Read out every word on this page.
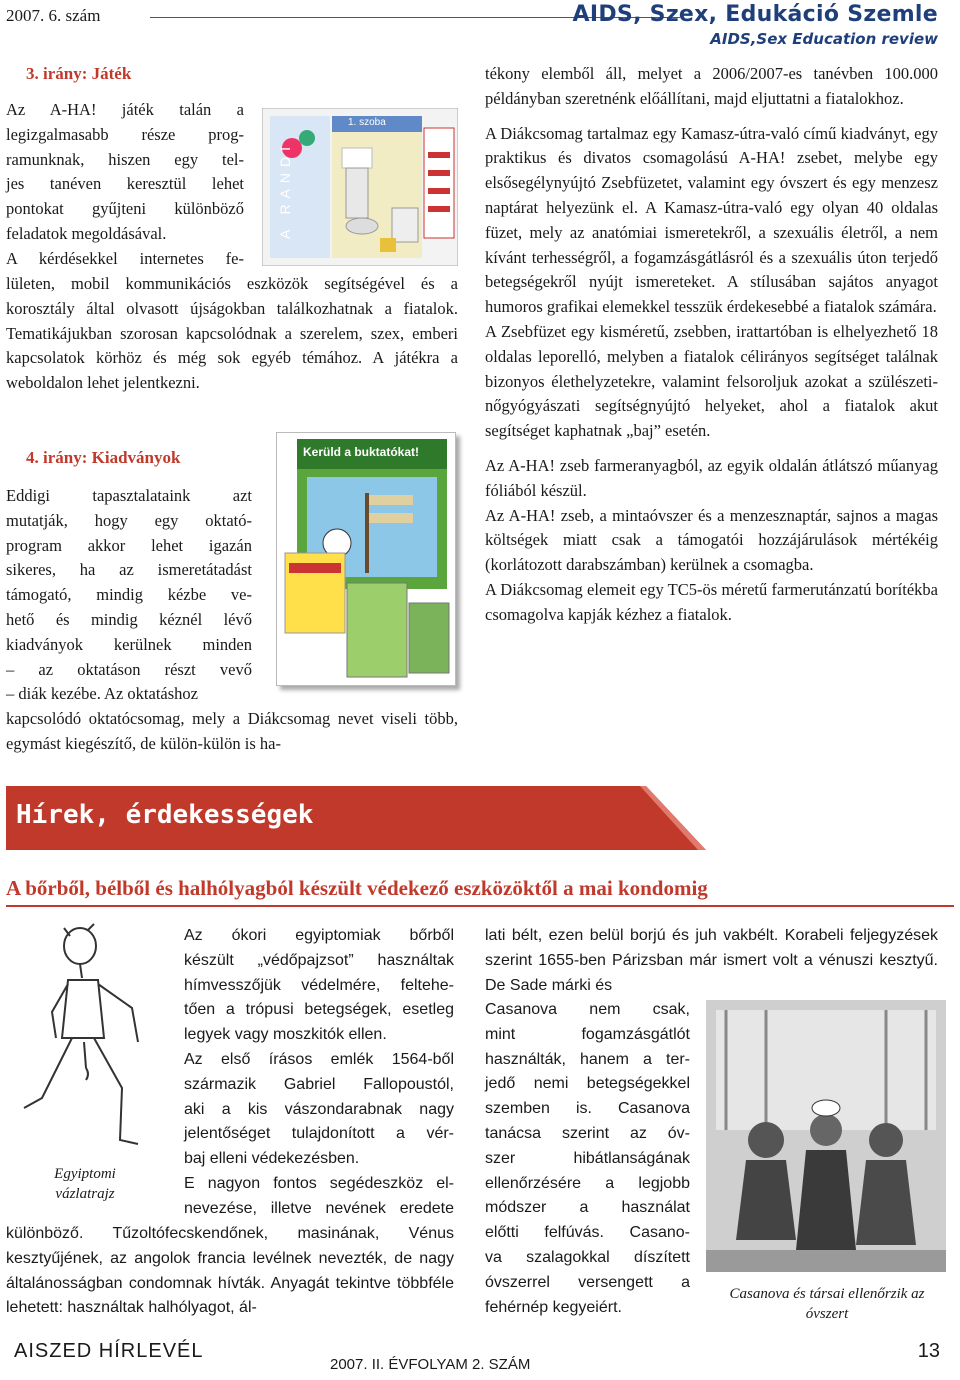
2007. 6. szám	AIDS, Szex, Edukáció Szemle
AIDS,Sex Education review
3. irány: Játék

Az A-HA! játék talán a

legizgalmasabb része prog-

ramunknak, hiszen egy tel-

jes tanéven keresztül lehet

pontokat gyűjteni különböző

feladatok megoldásával.

A kérdésekkel internetes fe-

1. szoba
A RANDI

lületen, mobil kommunikációs eszközök segítségével és a korosztály által olvasott újságokban találkozhatnak a fiatalok. Tematikájukban szorosan kapcsolódnak a szerelem, szex, emberi kapcsolatok körhöz és még sok egyéb témához. A játékra a weboldalon lehet jelentkezni.

4. irány: Kiadványok

Eddigi tapasztalataink azt

mutatják, hogy egy oktató-

program akkor lehet igazán

sikeres, ha az ismeretátadást

támogató, mindig kézbe ve-

hető és mindig kéznél lévő

kiadványok kerülnek minden

– az oktatáson részt vevő

– diák kezébe. Az oktatáshoz

Kerüld a buktatókat!

kapcsolódó oktatócsomag, mely a Diákcsomag nevet viseli több, egymást kiegészítő, de külön-külön is ha-

tékony elemből áll, melyet a 2006/2007-es tanévben 100.000 példányban szeretnénk előállítani, majd eljuttatni a fiatalokhoz.

A Diákcsomag tartalmaz egy Kamasz-útra-való című kiadványt, egy praktikus és divatos csomagolású A-HA! zsebet, melybe egy elsősegélynyújtó Zsebfüzetet, valamint egy óvszert és egy menzesz naptárat helyezünk el. A Kamasz-útra-való egy olyan 40 oldalas füzet, mely az anatómiai ismeretekről, a szexuális életről, a nem kívánt terhességről, a fogamzásgátlásról és a szexuális úton terjedő betegségekről nyújt ismereteket. A stílusában sajátos anyagot humoros grafikai elemekkel tesszük érdekesebbé a fiatalok számára.

A Zsebfüzet egy kisméretű, zsebben, irattartóban is elhelyezhető 18 oldalas leporelló, melyben a fiatalok célirányos segítséget találnak bizonyos élethelyzetekre, valamint felsoroljuk azokat a szülészeti-nőgyógyászati segítségnyújtó helyeket, ahol a fiatalok akut segítséget kaphatnak „baj” esetén.

Az A-HA! zseb farmeranyagból, az egyik oldalán átlátszó műanyag fóliából készül.

Az A-HA! zseb, a mintaóvszer és a menzesznaptár, sajnos a magas költségek miatt csak a támogatói hozzájárulások mértékéig (korlátozott darabszámban) kerülnek a csomagba.

A Diákcsomag elemeit egy TC5-ös méretű farmerutánzatú borítékba csomagolva kapják kézhez a fiatalok.

Hírek, érdekességek
A bőrből, bélből és halhólyagból készült védekező eszközöktől a mai kondomig
Egyiptomi vázlatrajz

Az ókori egyiptomiak bőrből

készült „védőpajzsot” használtak

hímvesszőjük védelmére, feltehe-

tően a trópusi betegségek, esetleg

legyek vagy moszkitók ellen.

Az első írásos emlék 1564-ből

származik Gabriel Fallopoustól,

aki a kis vászondarabnak nagy

jelentőséget tulajdonított a vér-

baj elleni védekezésben.

E nagyon fontos segédeszköz el-

nevezése, illetve nevének eredete

különböző. Tűzoltófecskendőnek, masinának, Vénus kesztyűjének, az angolok francia levélnek nevezték, de nagy általánosságban condomnak hívták. Anyagát tekintve többféle lehetett: használtak halhólyagot, ál-

lati bélt, ezen belül borjú és juh vakbélt. Korabeli feljegyzések szerint 1655-ben Párizsban már ismert volt a vénuszi kesztyű. De Sade márki és

Casanova nem csak,

mint fogamzásgátlót

használták, hanem a ter-

jedő nemi betegségekkel

szemben is. Casanova

tanácsa szerint az óv-

szer hibátlanságának

ellenőrzésére a legjobb

módszer a használat

előtti felfúvás. Casano-

va szalagokkal díszített

óvszerrel versengett a

fehérnép kegyeiért.

Casanova és társai ellenőrzik az óvszert
AISZED HÍRLEVÉL
2007. II. ÉVFOLYAM 2. SZÁM
13
